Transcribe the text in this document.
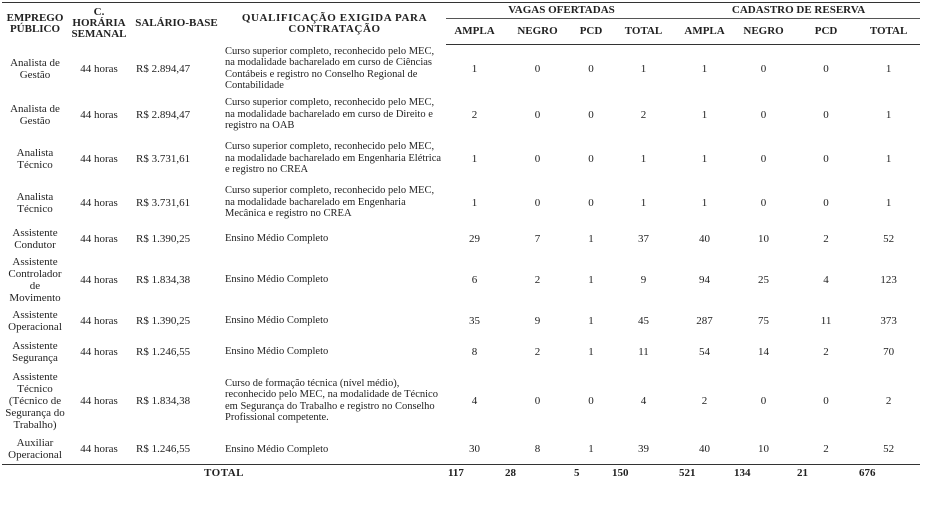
EMPREGO PÚBLICO	C. HORÁRIA SEMANAL	SALÁRIO-BASE	QUALIFICAÇÃO EXIGIDA PARA CONTRATAÇÃO	VAGAS OFERTADAS				CADASTRO DE RESERVA			
				AMPLA	NEGRO	PCD	TOTAL	AMPLA	NEGRO	PCD	TOTAL
Analista de Gestão	44 horas	R$ 2.894,47	Curso superior completo, reconhecido pelo MEC, na modalidade bacharelado em curso de Ciências Contábeis e registro no Conselho Regional de Contabilidade	1	0	0	1	1	0	0	1
Analista de Gestão	44 horas	R$ 2.894,47	Curso superior completo, reconhecido pelo MEC, na modalidade bacharelado em curso de Direito e registro na OAB	2	0	0	2	1	0	0	1
Analista Técnico	44 horas	R$ 3.731,61	Curso superior completo, reconhecido pelo MEC, na modalidade bacharelado em Engenharia Elétrica e registro no CREA	1	0	0	1	1	0	0	1
Analista Técnico	44 horas	R$ 3.731,61	Curso superior completo, reconhecido pelo MEC, na modalidade bacharelado em Engenharia Mecânica e registro no CREA	1	0	0	1	1	0	0	1
Assistente Condutor	44 horas	R$ 1.390,25	Ensino Médio Completo	29	7	1	37	40	10	2	52
Assistente Controlador de Movimento	44 horas	R$ 1.834,38	Ensino Médio Completo	6	2	1	9	94	25	4	123
Assistente Operacional	44 horas	R$ 1.390,25	Ensino Médio Completo	35	9	1	45	287	75	11	373
Assistente Segurança	44 horas	R$ 1.246,55	Ensino Médio Completo	8	2	1	11	54	14	2	70
Assistente Técnico (Técnico de Segurança do Trabalho)	44 horas	R$ 1.834,38	Curso de formação técnica (nível médio), reconhecido pelo MEC, na modalidade de Técnico em Segurança do Trabalho e registro no Conselho Profissional competente.	4	0	0	4	2	0	0	2
Auxiliar Operacional	44 horas	R$ 1.246,55	Ensino Médio Completo	30	8	1	39	40	10	2	52
TOTAL				117	28	5	150	521	134	21	676
